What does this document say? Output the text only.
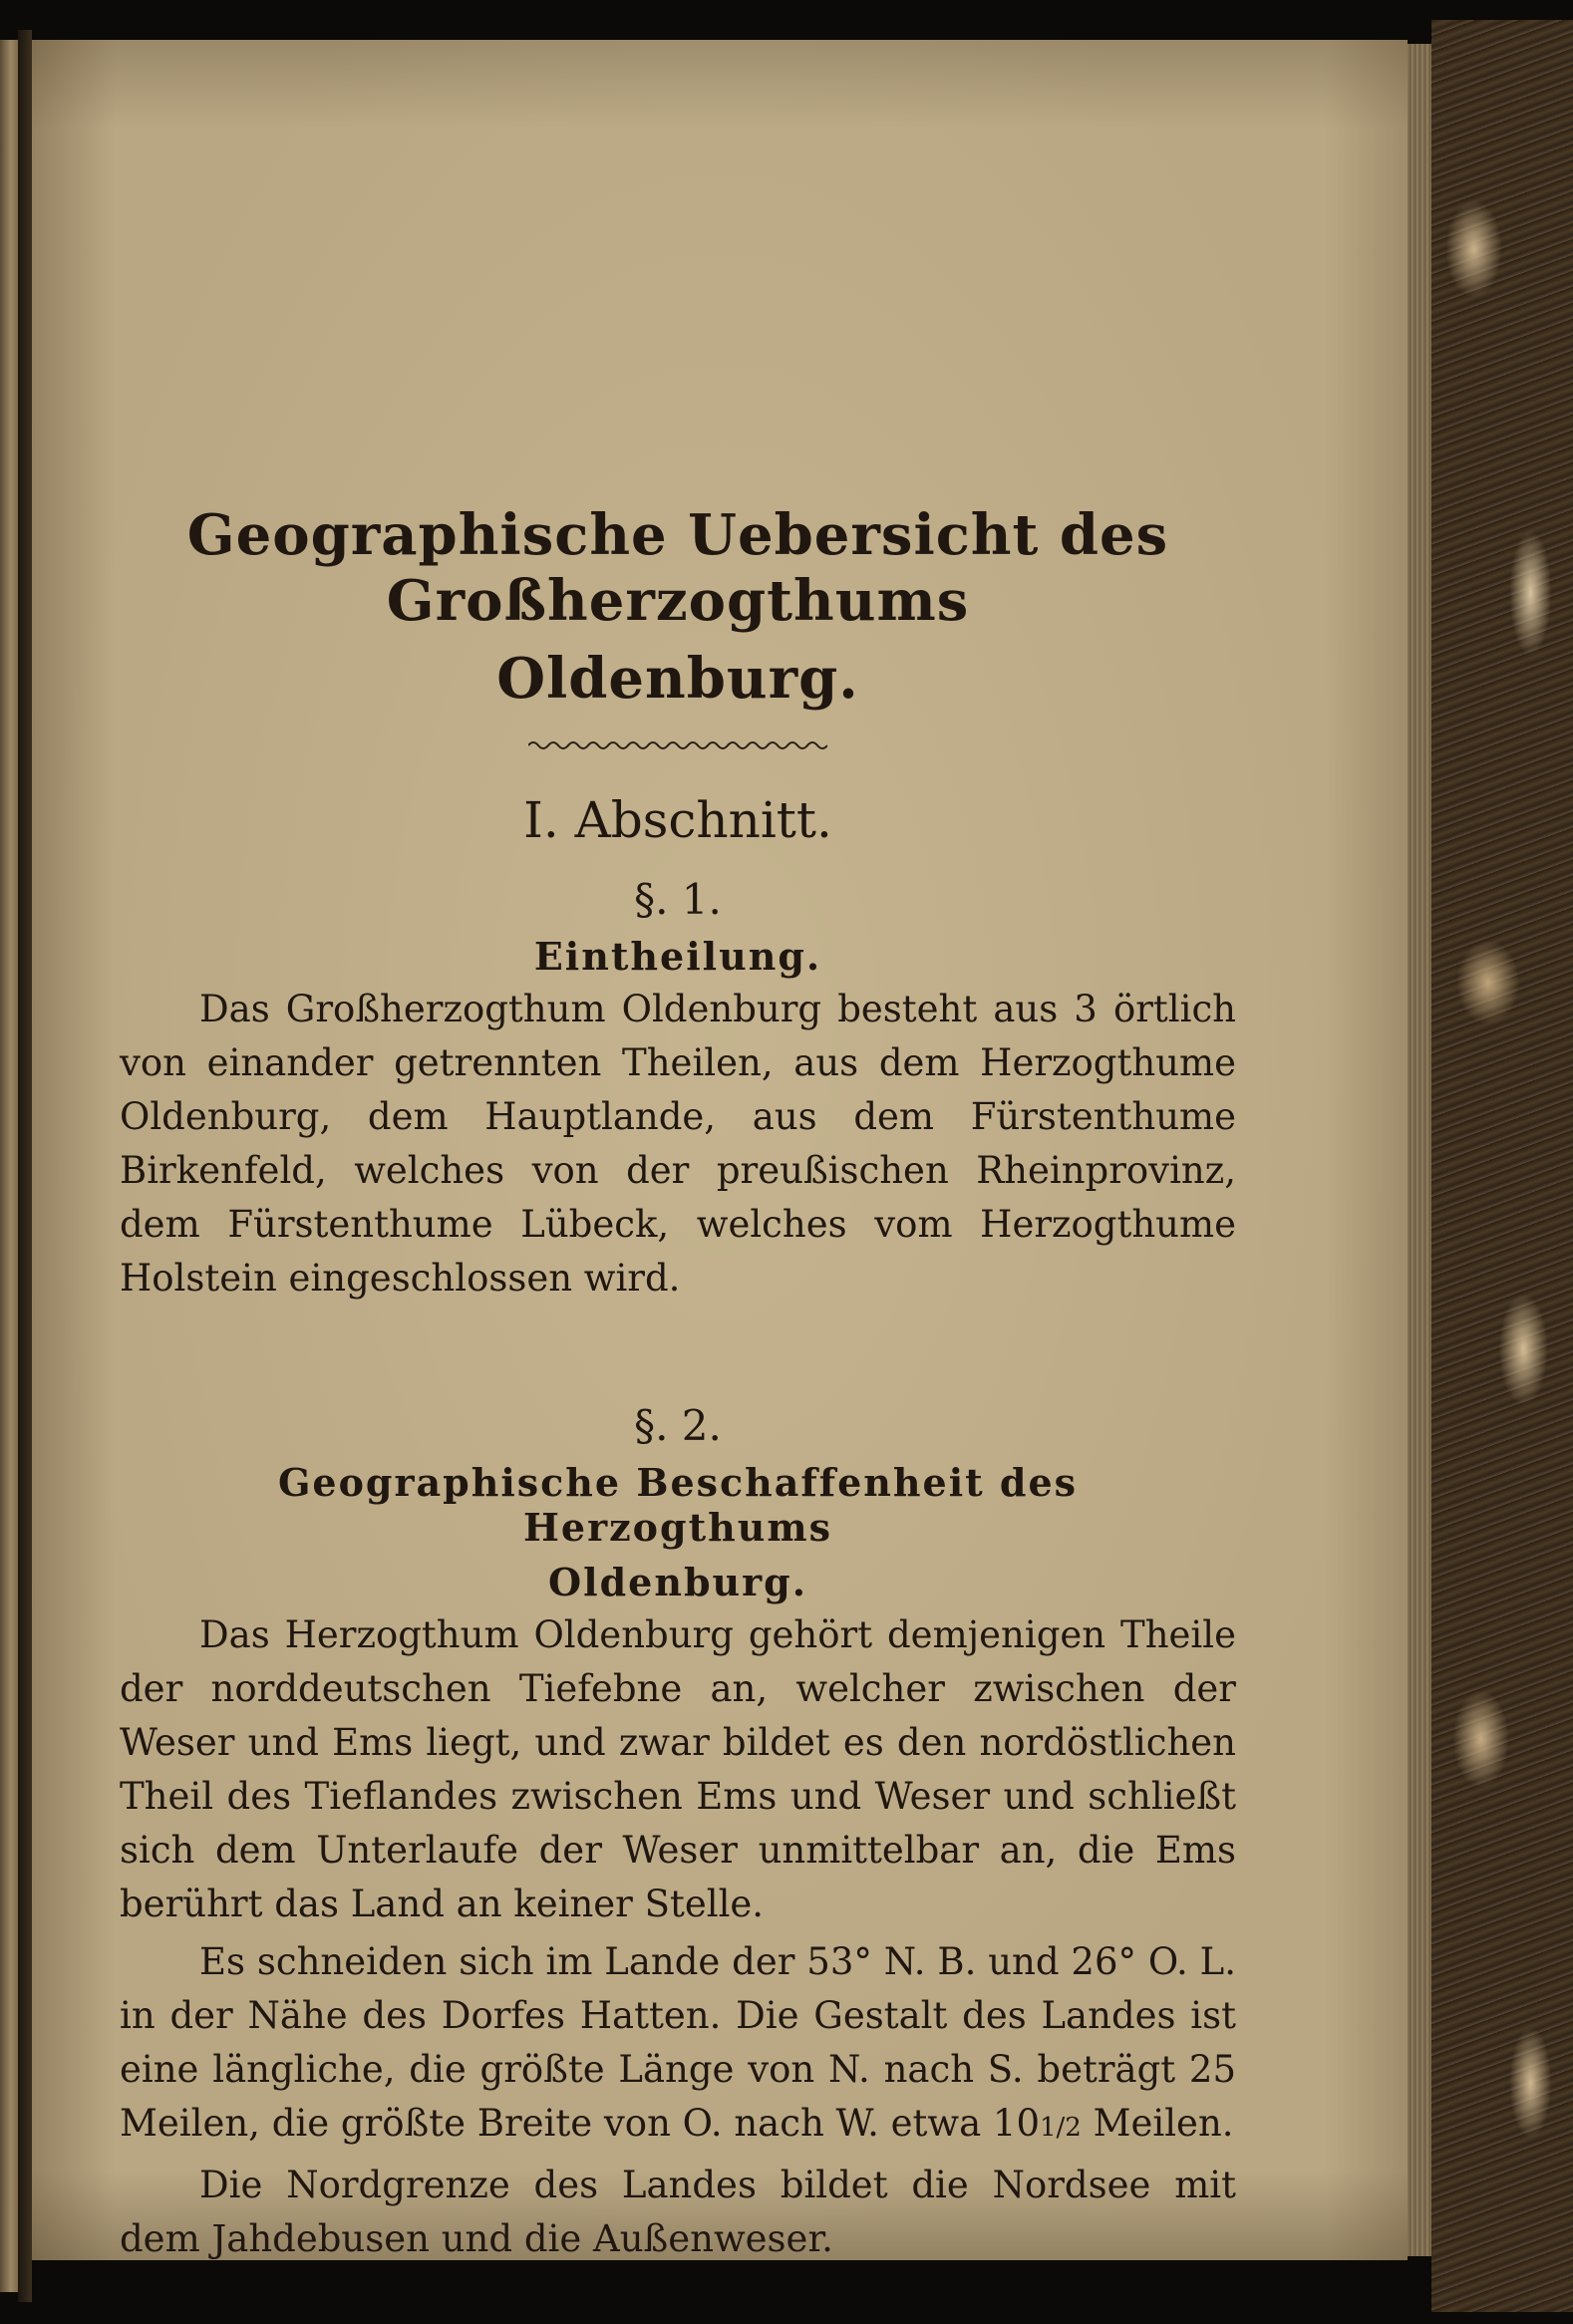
Geographische Uebersicht des Großherzogthums

Oldenburg.

I. Abschnitt.
§. 1.
Eintheilung.

Das Großherzogthum Oldenburg besteht aus 3 örtlich von einander getrennten Theilen, aus dem Herzogthume Oldenburg, dem Hauptlande, aus dem Fürstenthume Birkenfeld, welches von der preußischen Rheinprovinz, dem Fürstenthume Lübeck, welches vom Herzogthume Holstein eingeschlossen wird.

§. 2.
Geographische Beschaffenheit des Herzogthums
Oldenburg.

Das Herzogthum Oldenburg gehört demjenigen Theile der norddeutschen Tiefebne an, welcher zwischen der Weser und Ems liegt, und zwar bildet es den nordöstlichen Theil des Tieflandes zwischen Ems und Weser und schließt sich dem Unterlaufe der Weser unmittelbar an, die Ems berührt das Land an keiner Stelle.

Es schneiden sich im Lande der 53° N. B. und 26° O. L. in der Nähe des Dorfes Hatten. Die Gestalt des Landes ist eine längliche, die größte Länge von N. nach S. beträgt 25 Meilen, die größte Breite von O. nach W. etwa 101/2 Meilen.

Die Nordgrenze des Landes bildet die Nordsee mit dem Jahdebusen und die Außenweser.
